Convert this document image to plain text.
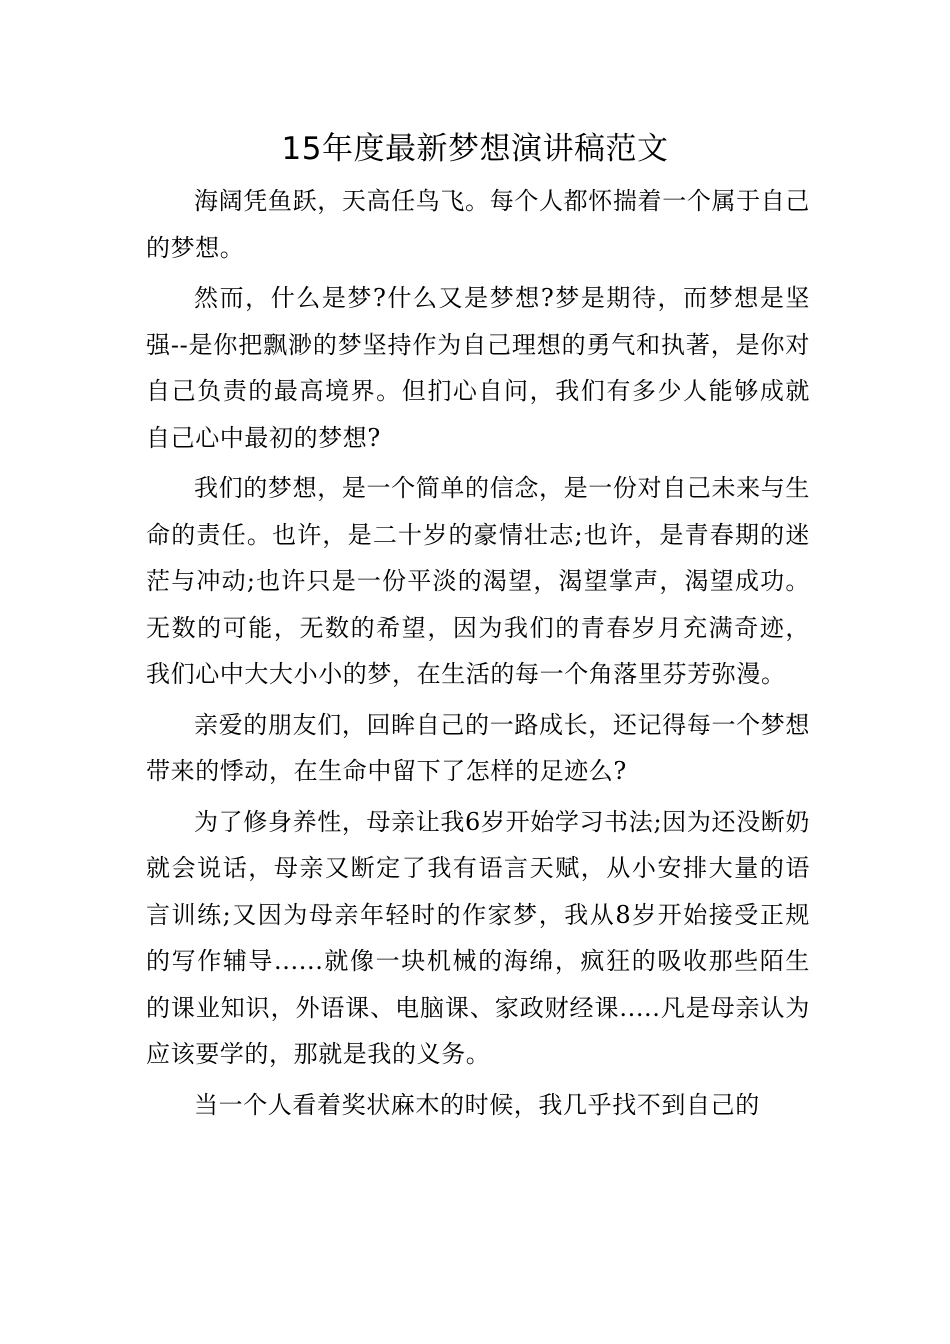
15年度最新梦想演讲稿范文

海阔凭鱼跃，天高任鸟飞。每个人都怀揣着一个属于自己的梦想。

然而，什么是梦?什么又是梦想?梦是期待，而梦想是坚强--是你把飘渺的梦坚持作为自己理想的勇气和执著，是你对自己负责的最高境界。但扪心自问，我们有多少人能够成就自己心中最初的梦想?

我们的梦想，是一个简单的信念，是一份对自己未来与生命的责任。也许，是二十岁的豪情壮志;也许，是青春期的迷茫与冲动;也许只是一份平淡的渴望，渴望掌声，渴望成功。无数的可能，无数的希望，因为我们的青春岁月充满奇迹，我们心中大大小小的梦，在生活的每一个角落里芬芳弥漫。

亲爱的朋友们，回眸自己的一路成长，还记得每一个梦想带来的悸动，在生命中留下了怎样的足迹么?

为了修身养性，母亲让我6岁开始学习书法;因为还没断奶就会说话，母亲又断定了我有语言天赋，从小安排大量的语言训练;又因为母亲年轻时的作家梦，我从8岁开始接受正规的写作辅导......就像一块机械的海绵，疯狂的吸收那些陌生的课业知识，外语课、电脑课、家政财经课.....凡是母亲认为应该要学的，那就是我的义务。

当一个人看着奖状麻木的时候，我几乎找不到自己的
